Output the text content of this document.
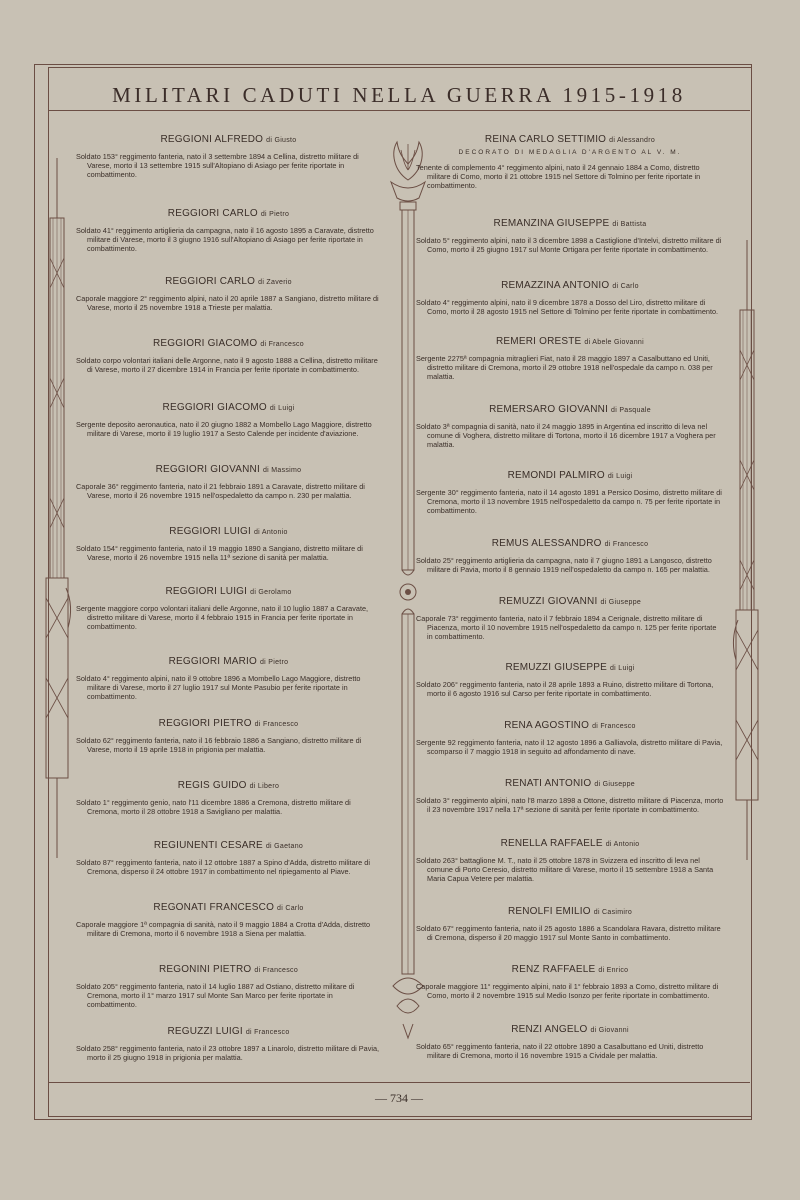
MILITARI CADUTI NELLA GUERRA 1915-1918
REGGIONI ALFREDO di Giusto
Soldato 153° reggimento fanteria, nato il 3 settembre 1894 a Cellina, distretto militare di Varese, morto il 13 settembre 1915 sull'Altopiano di Asiago per ferite riportate in combattimento.
REGGIORI CARLO di Pietro
Soldato 41° reggimento artiglieria da campagna, nato il 16 agosto 1895 a Caravate, distretto militare di Varese, morto il 3 giugno 1916 sull'Altopiano di Asiago per ferite riportate in combattimento.
REGGIORI CARLO di Zaverio
Caporale maggiore 2° reggimento alpini, nato il 20 aprile 1887 a Sangiano, distretto militare di Varese, morto il 25 novembre 1918 a Trieste per malattia.
REGGIORI GIACOMO di Francesco
Soldato corpo volontari italiani delle Argonne, nato il 9 agosto 1888 a Cellina, distretto militare di Varese, morto il 27 dicembre 1914 in Francia per ferite riportate in combattimento.
REGGIORI GIACOMO di Luigi
Sergente deposito aeronautica, nato il 20 giugno 1882 a Mombello Lago Maggiore, distretto militare di Varese, morto il 19 luglio 1917 a Sesto Calende per incidente d'aviazione.
REGGIORI GIOVANNI di Massimo
Caporale 36° reggimento fanteria, nato il 21 febbraio 1891 a Caravate, distretto militare di Varese, morto il 26 novembre 1915 nell'ospedaletto da campo n. 230 per malattia.
REGGIORI LUIGI di Antonio
Soldato 154° reggimento fanteria, nato il 19 maggio 1890 a Sangiano, distretto militare di Varese, morto il 26 novembre 1915 nella 11ª sezione di sanità per malattia.
REGGIORI LUIGI di Gerolamo
Sergente maggiore corpo volontari italiani delle Argonne, nato il 10 luglio 1887 a Caravate, distretto militare di Varese, morto il 4 febbraio 1915 in Francia per ferite riportate in combattimento.
REGGIORI MARIO di Pietro
Soldato 4° reggimento alpini, nato il 9 ottobre 1896 a Mombello Lago Maggiore, distretto militare di Varese, morto il 27 luglio 1917 sul Monte Pasubio per ferite riportate in combattimento.
REGGIORI PIETRO di Francesco
Soldato 62° reggimento fanteria, nato il 16 febbraio 1886 a Sangiano, distretto militare di Varese, morto il 19 aprile 1918 in prigionia per malattia.
REGIS GUIDO di Libero
Soldato 1° reggimento genio, nato l'11 dicembre 1886 a Cremona, distretto militare di Cremona, morto il 28 ottobre 1918 a Savigliano per malattia.
REGIUNENTI CESARE di Gaetano
Soldato 87° reggimento fanteria, nato il 12 ottobre 1887 a Spino d'Adda, distretto militare di Cremona, disperso il 24 ottobre 1917 in combattimento nel ripiegamento al Piave.
REGONATI FRANCESCO di Carlo
Caporale maggiore 1ª compagnia di sanità, nato il 9 maggio 1884 a Crotta d'Adda, distretto militare di Cremona, morto il 6 novembre 1918 a Siena per malattia.
REGONINI PIETRO di Francesco
Soldato 205° reggimento fanteria, nato il 14 luglio 1887 ad Ostiano, distretto militare di Cremona, morto il 1° marzo 1917 sul Monte San Marco per ferite riportate in combattimento.
REGUZZI LUIGI di Francesco
Soldato 258° reggimento fanteria, nato il 23 ottobre 1897 a Linarolo, distretto militare di Pavia, morto il 25 giugno 1918 in prigionia per malattia.
REINA CARLO SETTIMIO di Alessandro
DECORATO DI MEDAGLIA D'ARGENTO AL V. M.
Tenente di complemento 4° reggimento alpini, nato il 24 gennaio 1884 a Como, distretto militare di Como, morto il 21 ottobre 1915 nel Settore di Tolmino per ferite riportate in combattimento.
REMANZINA GIUSEPPE di Battista
Soldato 5° reggimento alpini, nato il 3 dicembre 1898 a Castiglione d'Intelvi, distretto militare di Como, morto il 25 giugno 1917 sul Monte Ortigara per ferite riportate in combattimento.
REMAZZINA ANTONIO di Carlo
Soldato 4° reggimento alpini, nato il 9 dicembre 1878 a Dosso del Liro, distretto militare di Como, morto il 28 agosto 1915 nel Settore di Tolmino per ferite riportate in combattimento.
REMERI ORESTE di Abele Giovanni
Sergente 2275ª compagnia mitraglieri Fiat, nato il 28 maggio 1897 a Casalbuttano ed Uniti, distretto militare di Cremona, morto il 29 ottobre 1918 nell'ospedale da campo n. 038 per malattia.
REMERSARO GIOVANNI di Pasquale
Soldato 3ª compagnia di sanità, nato il 24 maggio 1895 in Argentina ed inscritto di leva nel comune di Voghera, distretto militare di Tortona, morto il 16 dicembre 1917 a Voghera per malattia.
REMONDI PALMIRO di Luigi
Sergente 30° reggimento fanteria, nato il 14 agosto 1891 a Persico Dosimo, distretto militare di Cremona, morto il 13 novembre 1915 nell'ospedaletto da campo n. 75 per ferite riportate in combattimento.
REMUS ALESSANDRO di Francesco
Soldato 25° reggimento artiglieria da campagna, nato il 7 giugno 1891 a Langosco, distretto militare di Pavia, morto il 8 gennaio 1919 nell'ospedaletto da campo n. 165 per malattia.
REMUZZI GIOVANNI di Giuseppe
Caporale 73° reggimento fanteria, nato il 7 febbraio 1894 a Cerignale, distretto militare di Piacenza, morto il 10 novembre 1915 nell'ospedaletto da campo n. 125 per ferite riportate in combattimento.
REMUZZI GIUSEPPE di Luigi
Soldato 206° reggimento fanteria, nato il 28 aprile 1893 a Ruino, distretto militare di Tortona, morto il 6 agosto 1916 sul Carso per ferite riportate in combattimento.
RENA AGOSTINO di Francesco
Sergente 92 reggimento fanteria, nato il 12 agosto 1896 a Galliavola, distretto militare di Pavia, scomparso il 7 maggio 1918 in seguito ad affondamento di nave.
RENATI ANTONIO di Giuseppe
Soldato 3° reggimento alpini, nato l'8 marzo 1898 a Ottone, distretto militare di Piacenza, morto il 23 novembre 1917 nella 17ª sezione di sanità per ferite riportate in combattimento.
RENELLA RAFFAELE di Antonio
Soldato 263° battaglione M. T., nato il 25 ottobre 1878 in Svizzera ed inscritto di leva nel comune di Porto Ceresio, distretto militare di Varese, morto il 15 settembre 1918 a Santa Maria Capua Vetere per malattia.
RENOLFI EMILIO di Casimiro
Soldato 67° reggimento fanteria, nato il 25 agosto 1886 a Scandolara Ravara, distretto militare di Cremona, disperso il 20 maggio 1917 sul Monte Santo in combattimento.
RENZ RAFFAELE di Enrico
Caporale maggiore 11° reggimento alpini, nato il 1° febbraio 1893 a Como, distretto militare di Como, morto il 2 novembre 1915 sul Medio Isonzo per ferite riportate in combattimento.
RENZI ANGELO di Giovanni
Soldato 65° reggimento fanteria, nato il 22 ottobre 1890 a Casalbuttano ed Uniti, distretto militare di Cremona, morto il 16 novembre 1915 a Cividale per malattia.
— 734 —
